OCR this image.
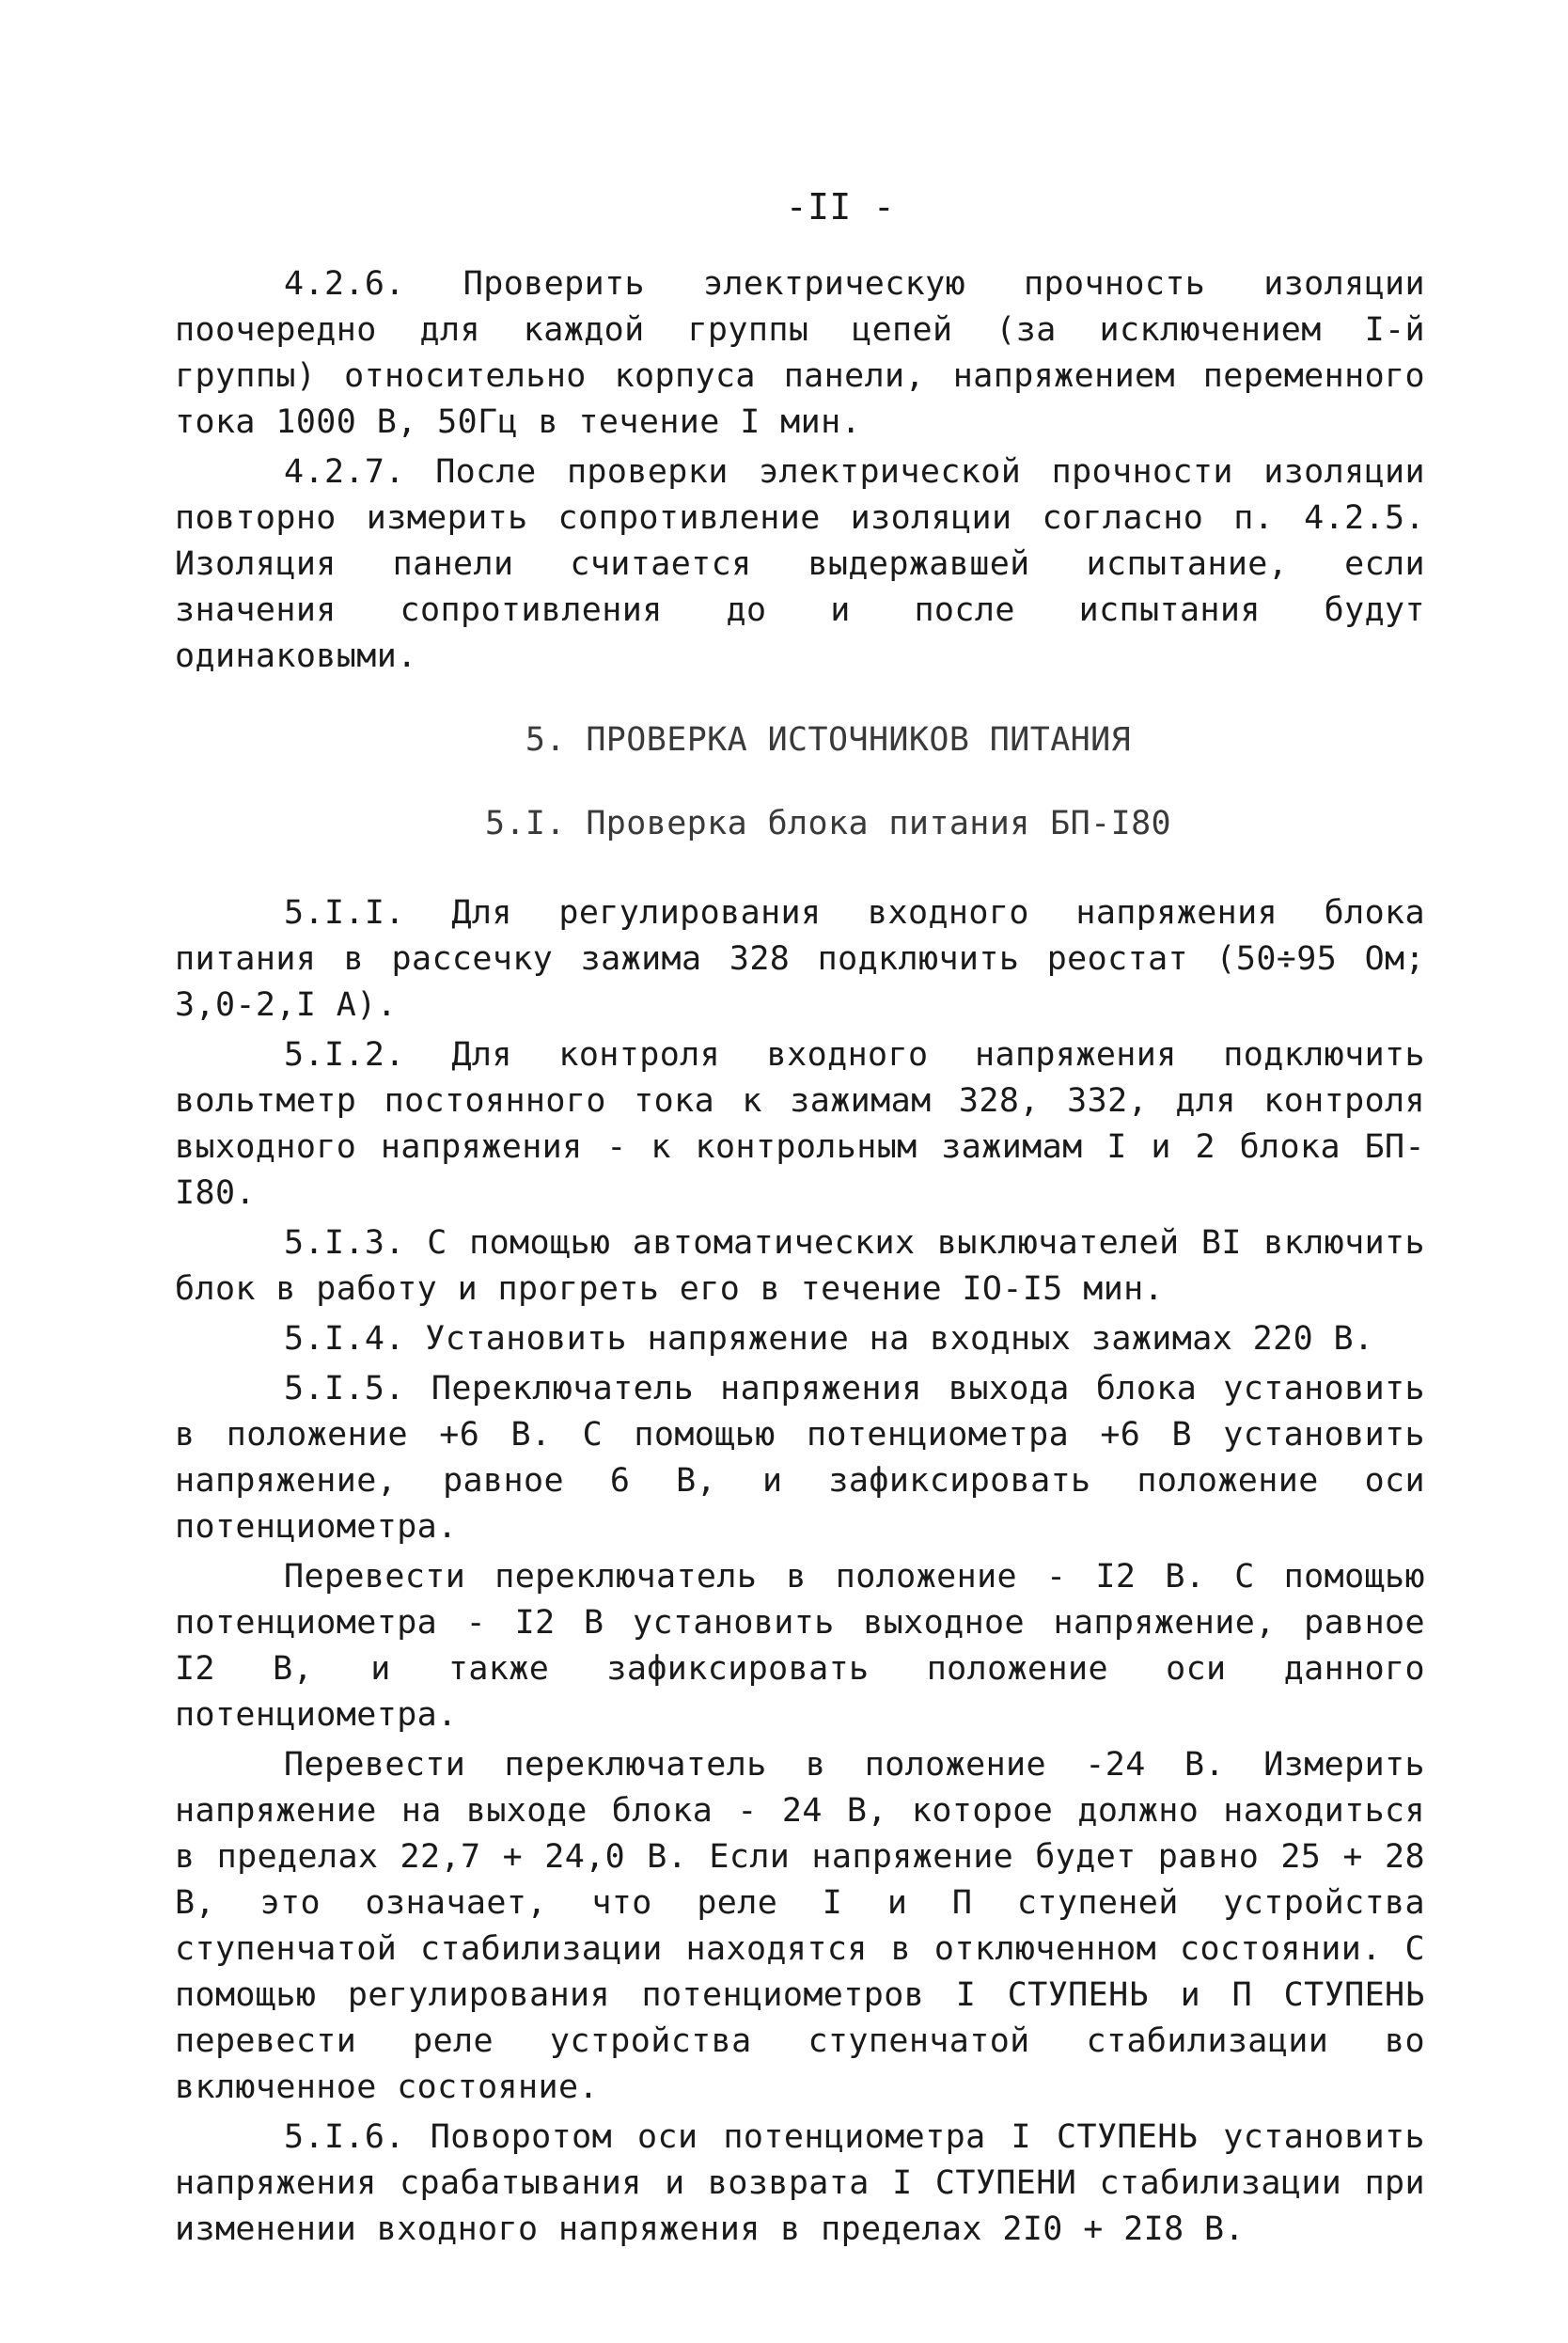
-II -

4.2.6. Проверить электрическую прочность изоляции поочередно для каждой группы цепей (за исключением I-й группы) относительно корпуса панели, напряжением переменного тока 1000 В, 50Гц в течение I мин.

4.2.7. После проверки электрической прочности изоляции повторно измерить сопротивление изоляции согласно п. 4.2.5. Изоляция панели считается выдержавшей испытание, если значения сопротивления до и после испытания будут одинаковыми.

5. ПРОВЕРКА ИСТОЧНИКОВ ПИТАНИЯ

5.I. Проверка блока питания БП-I80

5.I.I. Для регулирования входного напряжения блока питания в рассечку зажима 328 подключить реостат (50÷95 Ом; 3,0-2,I А).

5.I.2. Для контроля входного напряжения подключить вольтметр постоянного тока к зажимам 328, 332, для контроля выходного напряжения - к контрольным зажимам I и 2 блока БП-I80.

5.I.3. С помощью автоматических выключателей BI включить блок в работу и прогреть его в течение IO-I5 мин.

5.I.4. Установить напряжение на входных зажимах 220 В.

5.I.5. Переключатель напряжения выхода блока установить в положение +6 В. С помощью потенциометра +6 В установить напряжение, равное 6 В, и зафиксировать положение оси потенциометра.

Перевести переключатель в положение - I2 В. С помощью потенциометра - I2 В установить выходное напряжение, равное I2 В, и также зафиксировать положение оси данного потенциометра.

Перевести переключатель в положение -24 В. Измерить напряжение на выходе блока - 24 В, которое должно находиться в пределах 22,7 + 24,0 В. Если напряжение будет равно 25 + 28 В, это означает, что реле I и П ступеней устройства ступенчатой стабилизации находятся в отключенном состоянии. С помощью регулирования потенциометров I СТУПЕНЬ и П СТУПЕНЬ перевести реле устройства ступенчатой стабилизации во включенное состояние.

5.I.6. Поворотом оси потенциометра I СТУПЕНЬ установить напряжения срабатывания и возврата I СТУПЕНИ стабилизации при изменении входного напряжения в пределах 2I0 + 2I8 В.
